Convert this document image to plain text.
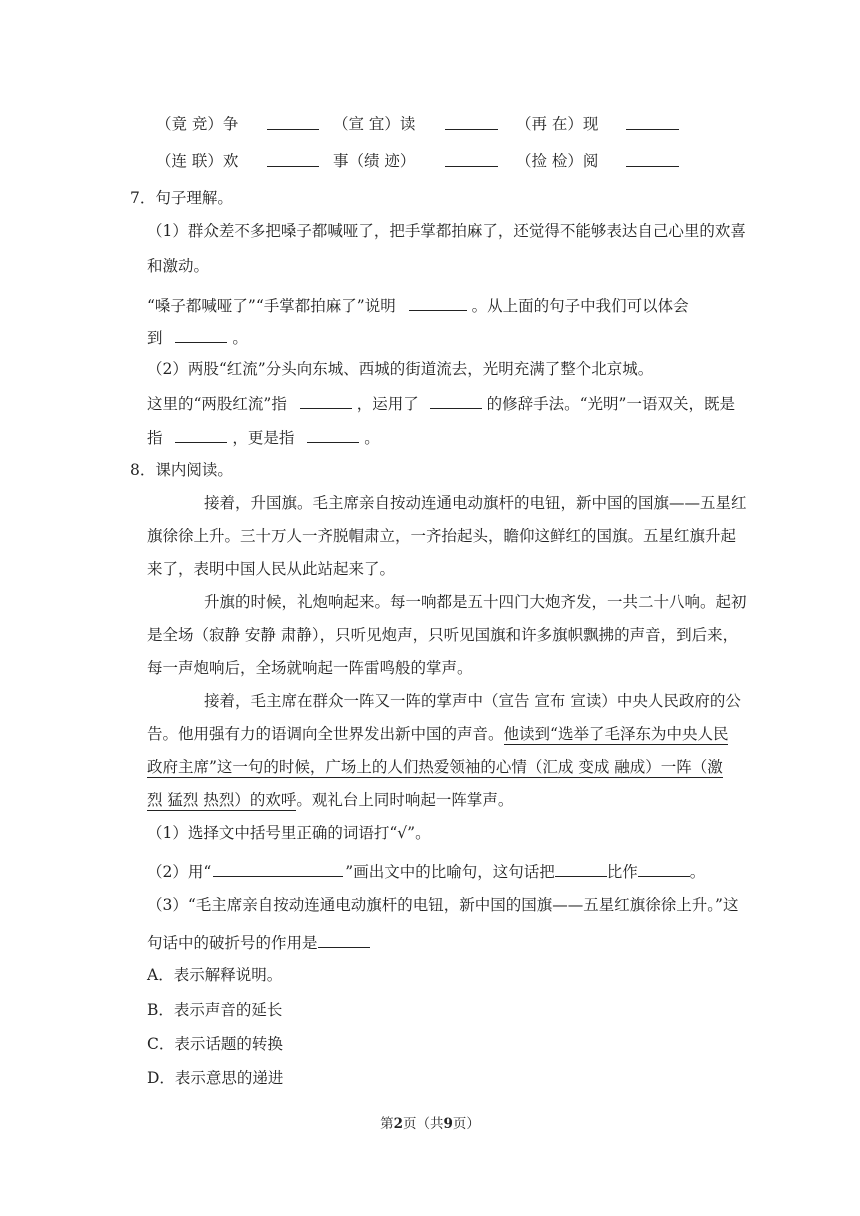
（竟 竞）争	（宣 宜）读	（再 在）现
（连 联）欢	事（绩 迹）	（捡 检）阅
7．句子理解。
（1）群众差不多把嗓子都喊哑了，把手掌都拍麻了，还觉得不能够表达自己心里的欢喜
和激动。
“嗓子都喊哑了”“手掌都拍麻了”说明	。从上面的句子中我们可以体会
到	。
（2）两股“红流”分头向东城、西城的街道流去，光明充满了整个北京城。
这里的“两股红流”指	，运用了	的修辞手法。“光明”一语双关，既是
指	，更是指	。
8．课内阅读。
接着，升国旗。毛主席亲自按动连通电动旗杆的电钮，新中国的国旗——五星红
旗徐徐上升。三十万人一齐脱帽肃立，一齐抬起头，瞻仰这鲜红的国旗。五星红旗升起
来了，表明中国人民从此站起来了。
升旗的时候，礼炮响起来。每一响都是五十四门大炮齐发，一共二十八响。起初
是全场（寂静 安静 肃静），只听见炮声，只听见国旗和许多旗帜飘拂的声音，到后来，
每一声炮响后，全场就响起一阵雷鸣般的掌声。
接着，毛主席在群众一阵又一阵的掌声中（宣告 宣布 宣读）中央人民政府的公
告。他用强有力的语调向全世界发出新中国的声音。他读到“选举了毛泽东为中央人民
政府主席”这一句的时候，广场上的人们热爱领袖的心情（汇成 变成 融成）一阵（激
烈 猛烈 热烈）的欢呼。观礼台上同时响起一阵掌声。
（1）选择文中括号里正确的词语打“√”。
（2）用“	”画出文中的比喻句，这句话把	比作	。
（3）“毛主席亲自按动连通电动旗杆的电钮，新中国的国旗——五星红旗徐徐上升。”这
句话中的破折号的作用是
A．表示解释说明。
B．表示声音的延长
C．表示话题的转换
D．表示意思的递进
第2页（共9页）
